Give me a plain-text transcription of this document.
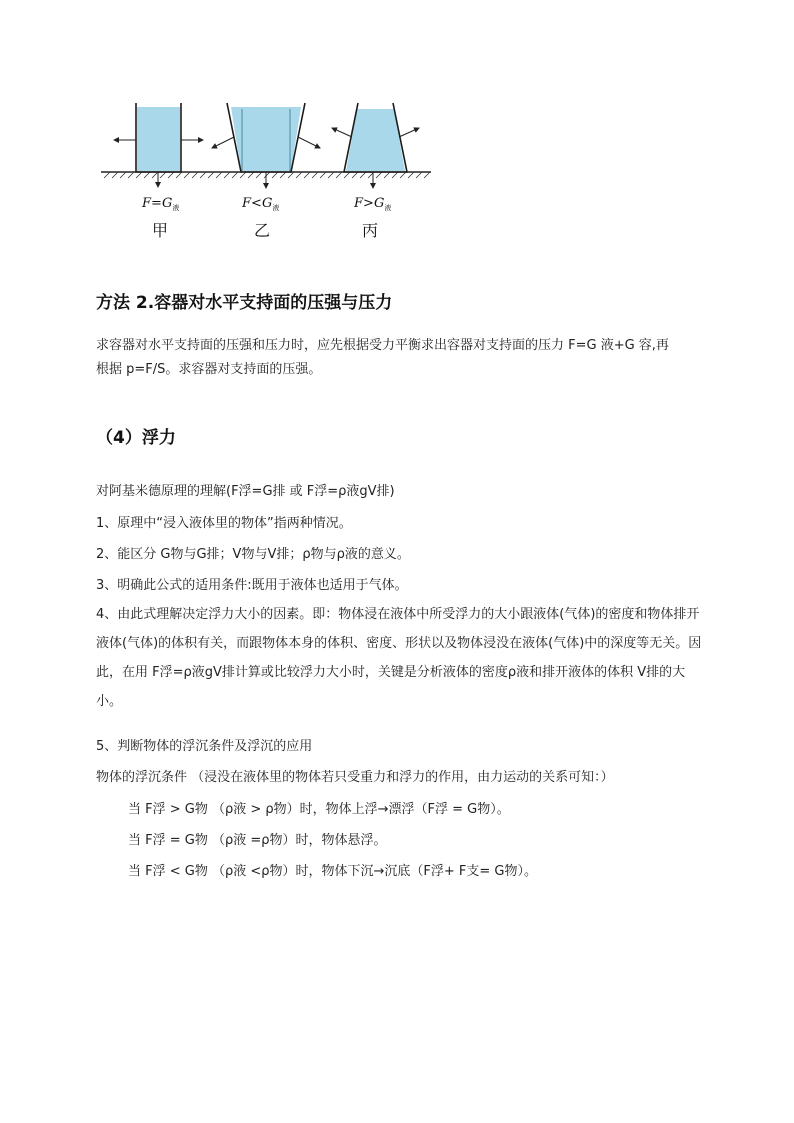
$F=G_液$
甲
$F<G_液$
乙
$F>G_液$
丙
方法 2.容器对水平支持面的压强与压力
求容器对水平支持面的压强和压力时，应先根据受力平衡求出容器对支持面的压力 F=G 液+G 容,再
根据 p=F/S。求容器对支持面的压强。
（4）浮力
对阿基米德原理的理解(F浮=G排 或 F浮=ρ液gV排)
1、原理中“浸入液体里的物体”指两种情况。
2、能区分 G物与G排；V物与V排；ρ物与ρ液的意义。
3、明确此公式的适用条件:既用于液体也适用于气体。
4、由此式理解决定浮力大小的因素。即：物体浸在液体中所受浮力的大小跟液体(气体)的密度和物体排开液体(气体)的体积有关，而跟物体本身的体积、密度、形状以及物体浸没在液体(气体)中的深度等无关。因此，在用 F浮=ρ液gV排计算或比较浮力大小时，关键是分析液体的密度ρ液和排开液体的体积 V排的大小。
5、判断物体的浮沉条件及浮沉的应用
物体的浮沉条件 （浸没在液体里的物体若只受重力和浮力的作用，由力运动的关系可知：）
当 F浮 > G物 （ρ液 > ρ物）时，物体上浮→漂浮（F浮 = G物）。
当 F浮 = G物 （ρ液 =ρ物）时，物体悬浮。
当 F浮 < G物 （ρ液 <ρ物）时，物体下沉→沉底（F浮+ F支= G物）。
